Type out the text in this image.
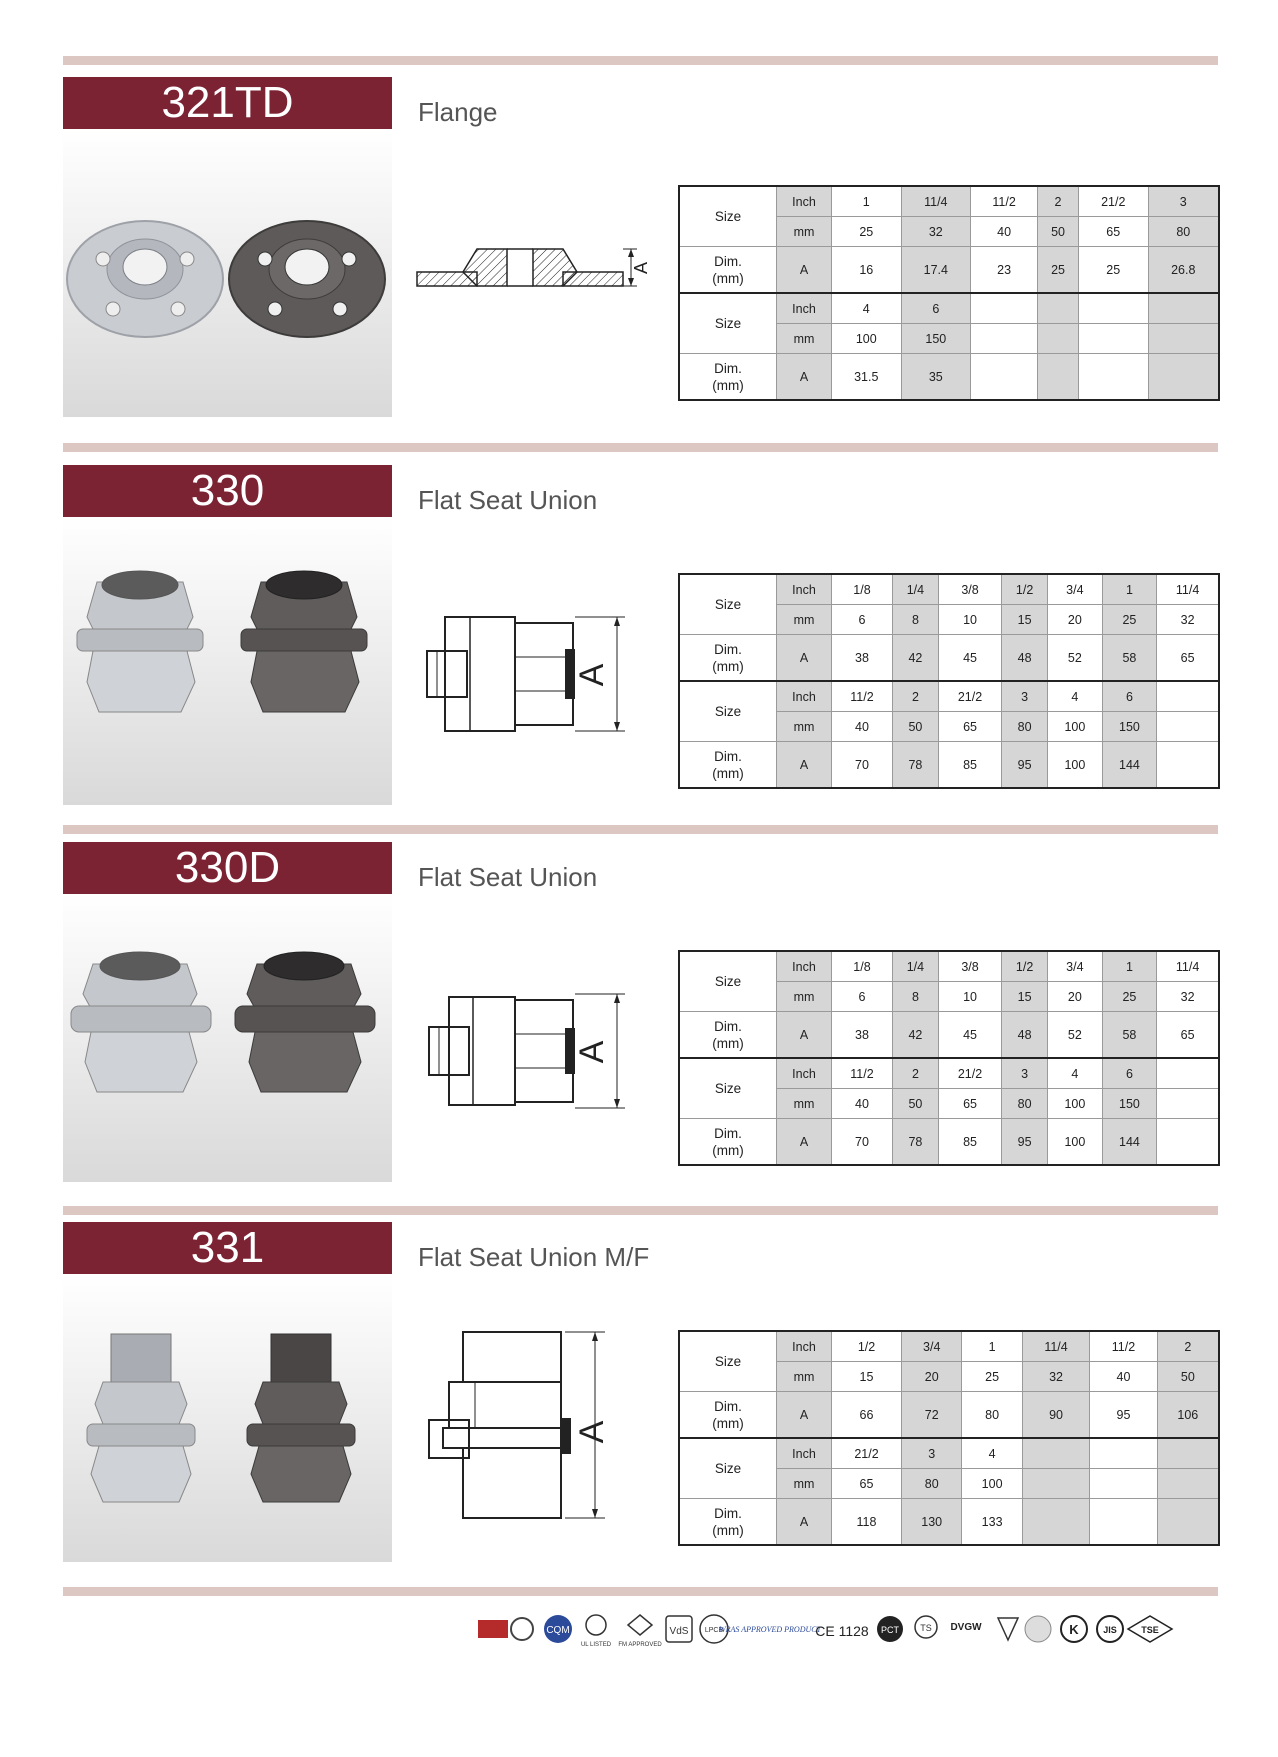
321TD	Flange
A
Size	Inch	1	11/4	11/2	2	21/2	3
	mm	25	32	40	50	65	80
Dim.
(mm)	A	16	17.4	23	25	25	26.8
Size	Inch	4	6				
	mm	100	150				
Dim.
(mm)	A	31.5	35				
330	Flat Seat Union
A
Size	Inch	1/8	1/4	3/8	1/2	3/4	1	11/4
	mm	6	8	10	15	20	25	32
Dim.
(mm)	A	38	42	45	48	52	58	65
Size	Inch	11/2	2	21/2	3	4	6	
	mm	40	50	65	80	100	150	
Dim.
(mm)	A	70	78	85	95	100	144	
330D	Flat Seat Union
A
Size	Inch	1/8	1/4	3/8	1/2	3/4	1	11/4
	mm	6	8	10	15	20	25	32
Dim.
(mm)	A	38	42	45	48	52	58	65
Size	Inch	11/2	2	21/2	3	4	6	
	mm	40	50	65	80	100	150	
Dim.
(mm)	A	70	78	85	95	100	144	
331	Flat Seat Union M/F
A
Size	Inch	1/2	3/4	1	11/4	11/2	2
	mm	15	20	25	32	40	50
Dim.
(mm)	A	66	72	80	90	95	106
Size	Inch	21/2	3	4			
	mm	65	80	100			
Dim.
(mm)	A	118	130	133			
CQM
UL LISTED FM APPROVED
VdS LPCB
WRAS APPROVED PRODUCT
CE 1128 PCT TS DVGW	K	JIS	TSE
